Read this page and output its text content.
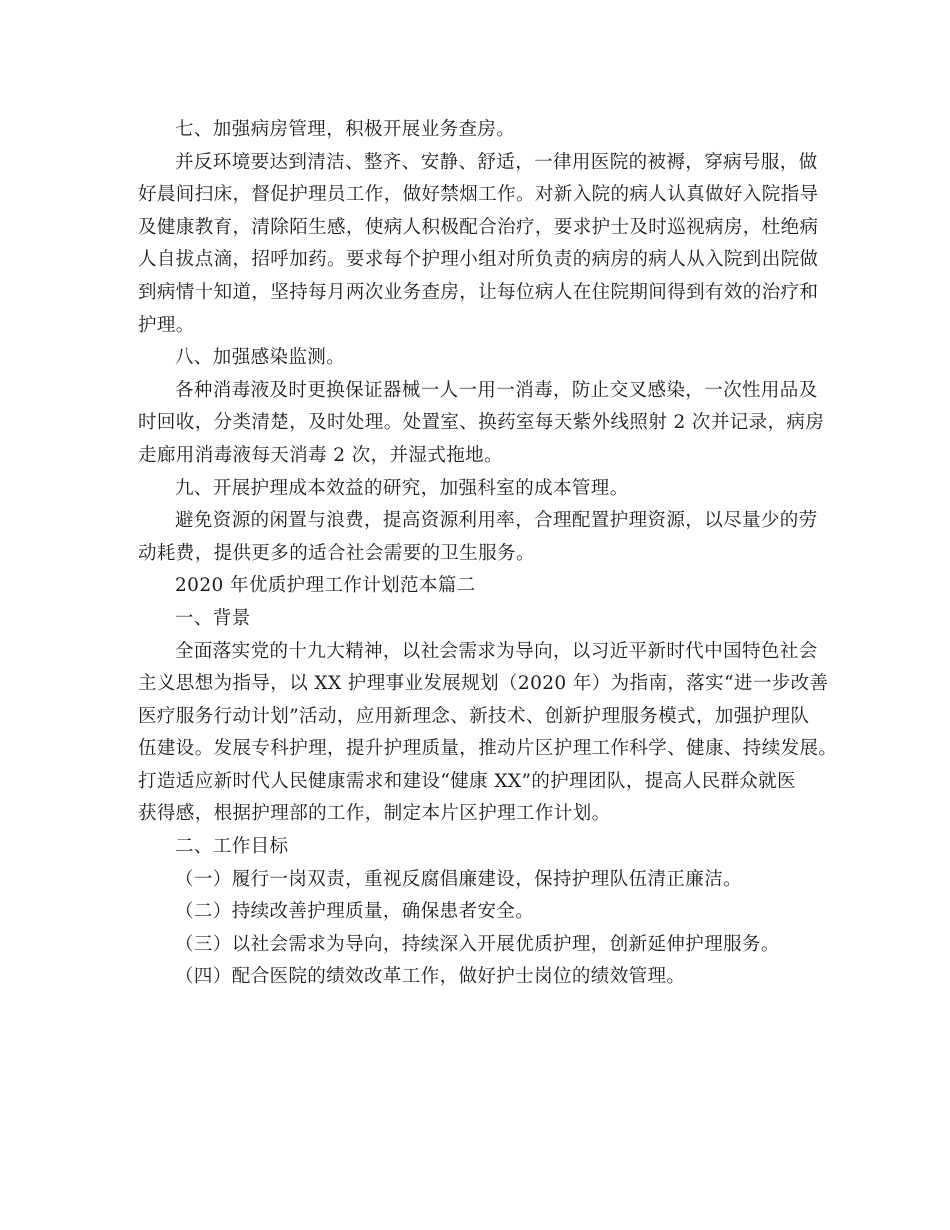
七、加强病房管理，积极开展业务查房。

并反环境要达到清洁、整齐、安静、舒适，一律用医院的被褥，穿病号服，做
好晨间扫床，督促护理员工作，做好禁烟工作。对新入院的病人认真做好入院指导
及健康教育，清除陌生感，使病人积极配合治疗，要求护士及时巡视病房，杜绝病
人自拔点滴，招呼加药。要求每个护理小组对所负责的病房的病人从入院到出院做
到病情十知道，坚持每月两次业务查房，让每位病人在住院期间得到有效的治疗和
护理。

八、加强感染监测。

各种消毒液及时更换保证器械一人一用一消毒，防止交叉感染，一次性用品及
时回收，分类清楚，及时处理。处置室、换药室每天紫外线照射 2 次并记录，病房
走廊用消毒液每天消毒 2 次，并湿式拖地。

九、开展护理成本效益的研究，加强科室的成本管理。

避免资源的闲置与浪费，提高资源利用率，合理配置护理资源，以尽量少的劳
动耗费，提供更多的适合社会需要的卫生服务。

2020 年优质护理工作计划范本篇二

一、背景

全面落实党的十九大精神，以社会需求为导向，以习近平新时代中国特色社会
主义思想为指导，以 XX 护理事业发展规划（2020 年）为指南，落实“进一步改善
医疗服务行动计划”活动，应用新理念、新技术、创新护理服务模式，加强护理队
伍建设。发展专科护理，提升护理质量，推动片区护理工作科学、健康、持续发展。
打造适应新时代人民健康需求和建设“健康 XX”的护理团队，提高人民群众就医
获得感，根据护理部的工作，制定本片区护理工作计划。

二、工作目标

（一）履行一岗双责，重视反腐倡廉建设，保持护理队伍清正廉洁。

（二）持续改善护理质量，确保患者安全。

（三）以社会需求为导向，持续深入开展优质护理，创新延伸护理服务。

（四）配合医院的绩效改革工作，做好护士岗位的绩效管理。
